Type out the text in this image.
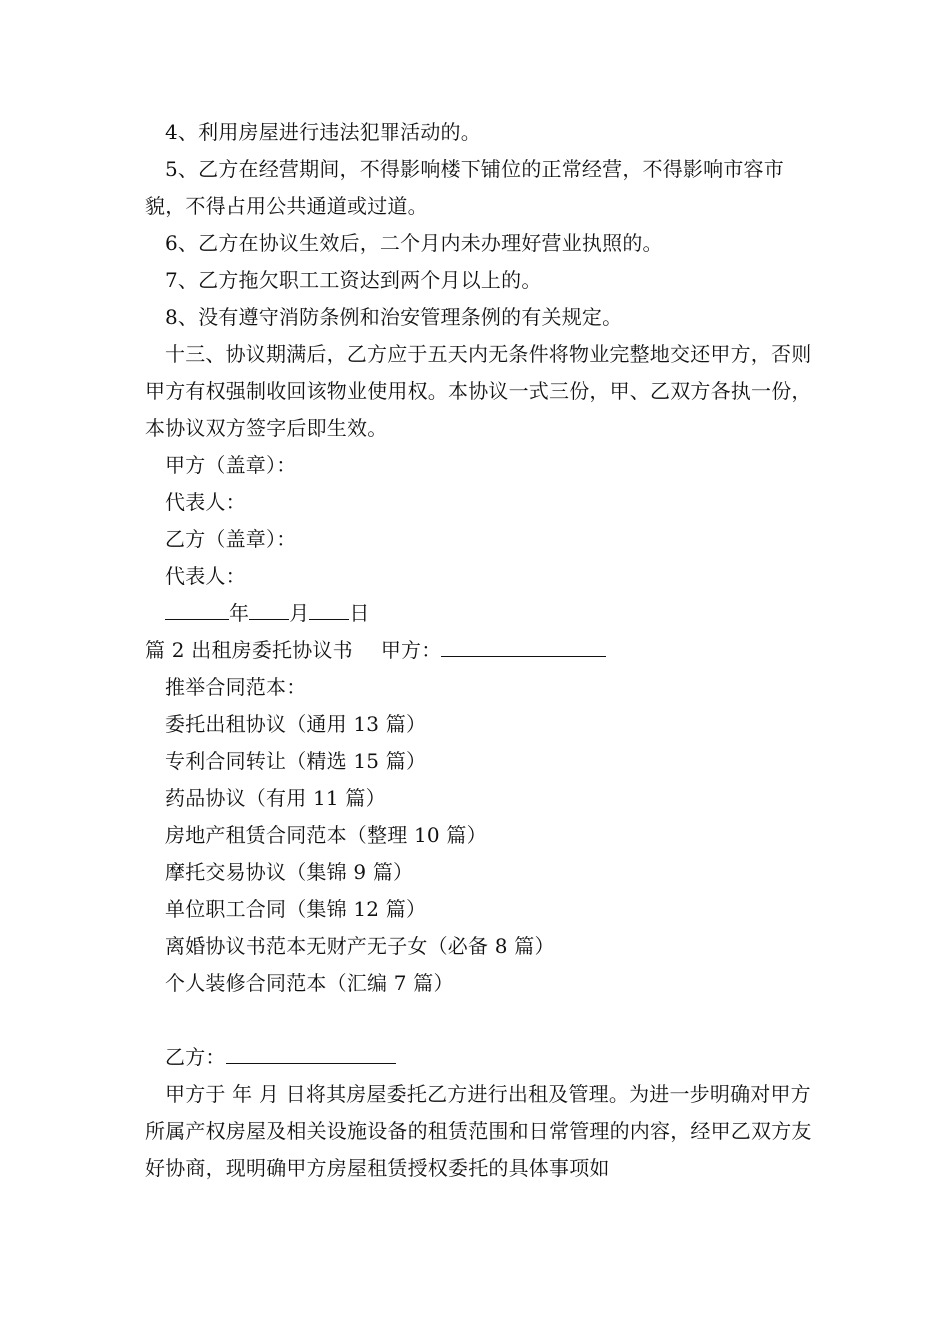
4、利用房屋进行违法犯罪活动的。

5、乙方在经营期间，不得影响楼下铺位的正常经营，不得影响市容市貌，不得占用公共通道或过道。

6、乙方在协议生效后，二个月内未办理好营业执照的。

7、乙方拖欠职工工资达到两个月以上的。

8、没有遵守消防条例和治安管理条例的有关规定。

十三、协议期满后，乙方应于五天内无条件将物业完整地交还甲方，否则甲方有权强制收回该物业使用权。本协议一式三份，甲、乙双方各执一份，本协议双方签字后即生效。

甲方（盖章）：

代表人：

乙方（盖章）：

代表人：

年 月 日

篇 2 出租房委托协议书 甲方：

推举合同范本：

委托出租协议（通用 13 篇）

专利合同转让（精选 15 篇）

药品协议（有用 11 篇）

房地产租赁合同范本（整理 10 篇）

摩托交易协议（集锦 9 篇）

单位职工合同（集锦 12 篇）

离婚协议书范本无财产无子女（必备 8 篇）

个人装修合同范本（汇编 7 篇）

乙方：

甲方于 年 月 日将其房屋委托乙方进行出租及管理。为进一步明确对甲方所属产权房屋及相关设施设备的租赁范围和日常管理的内容，经甲乙双方友好协商，现明确甲方房屋租赁授权委托的具体事项如
